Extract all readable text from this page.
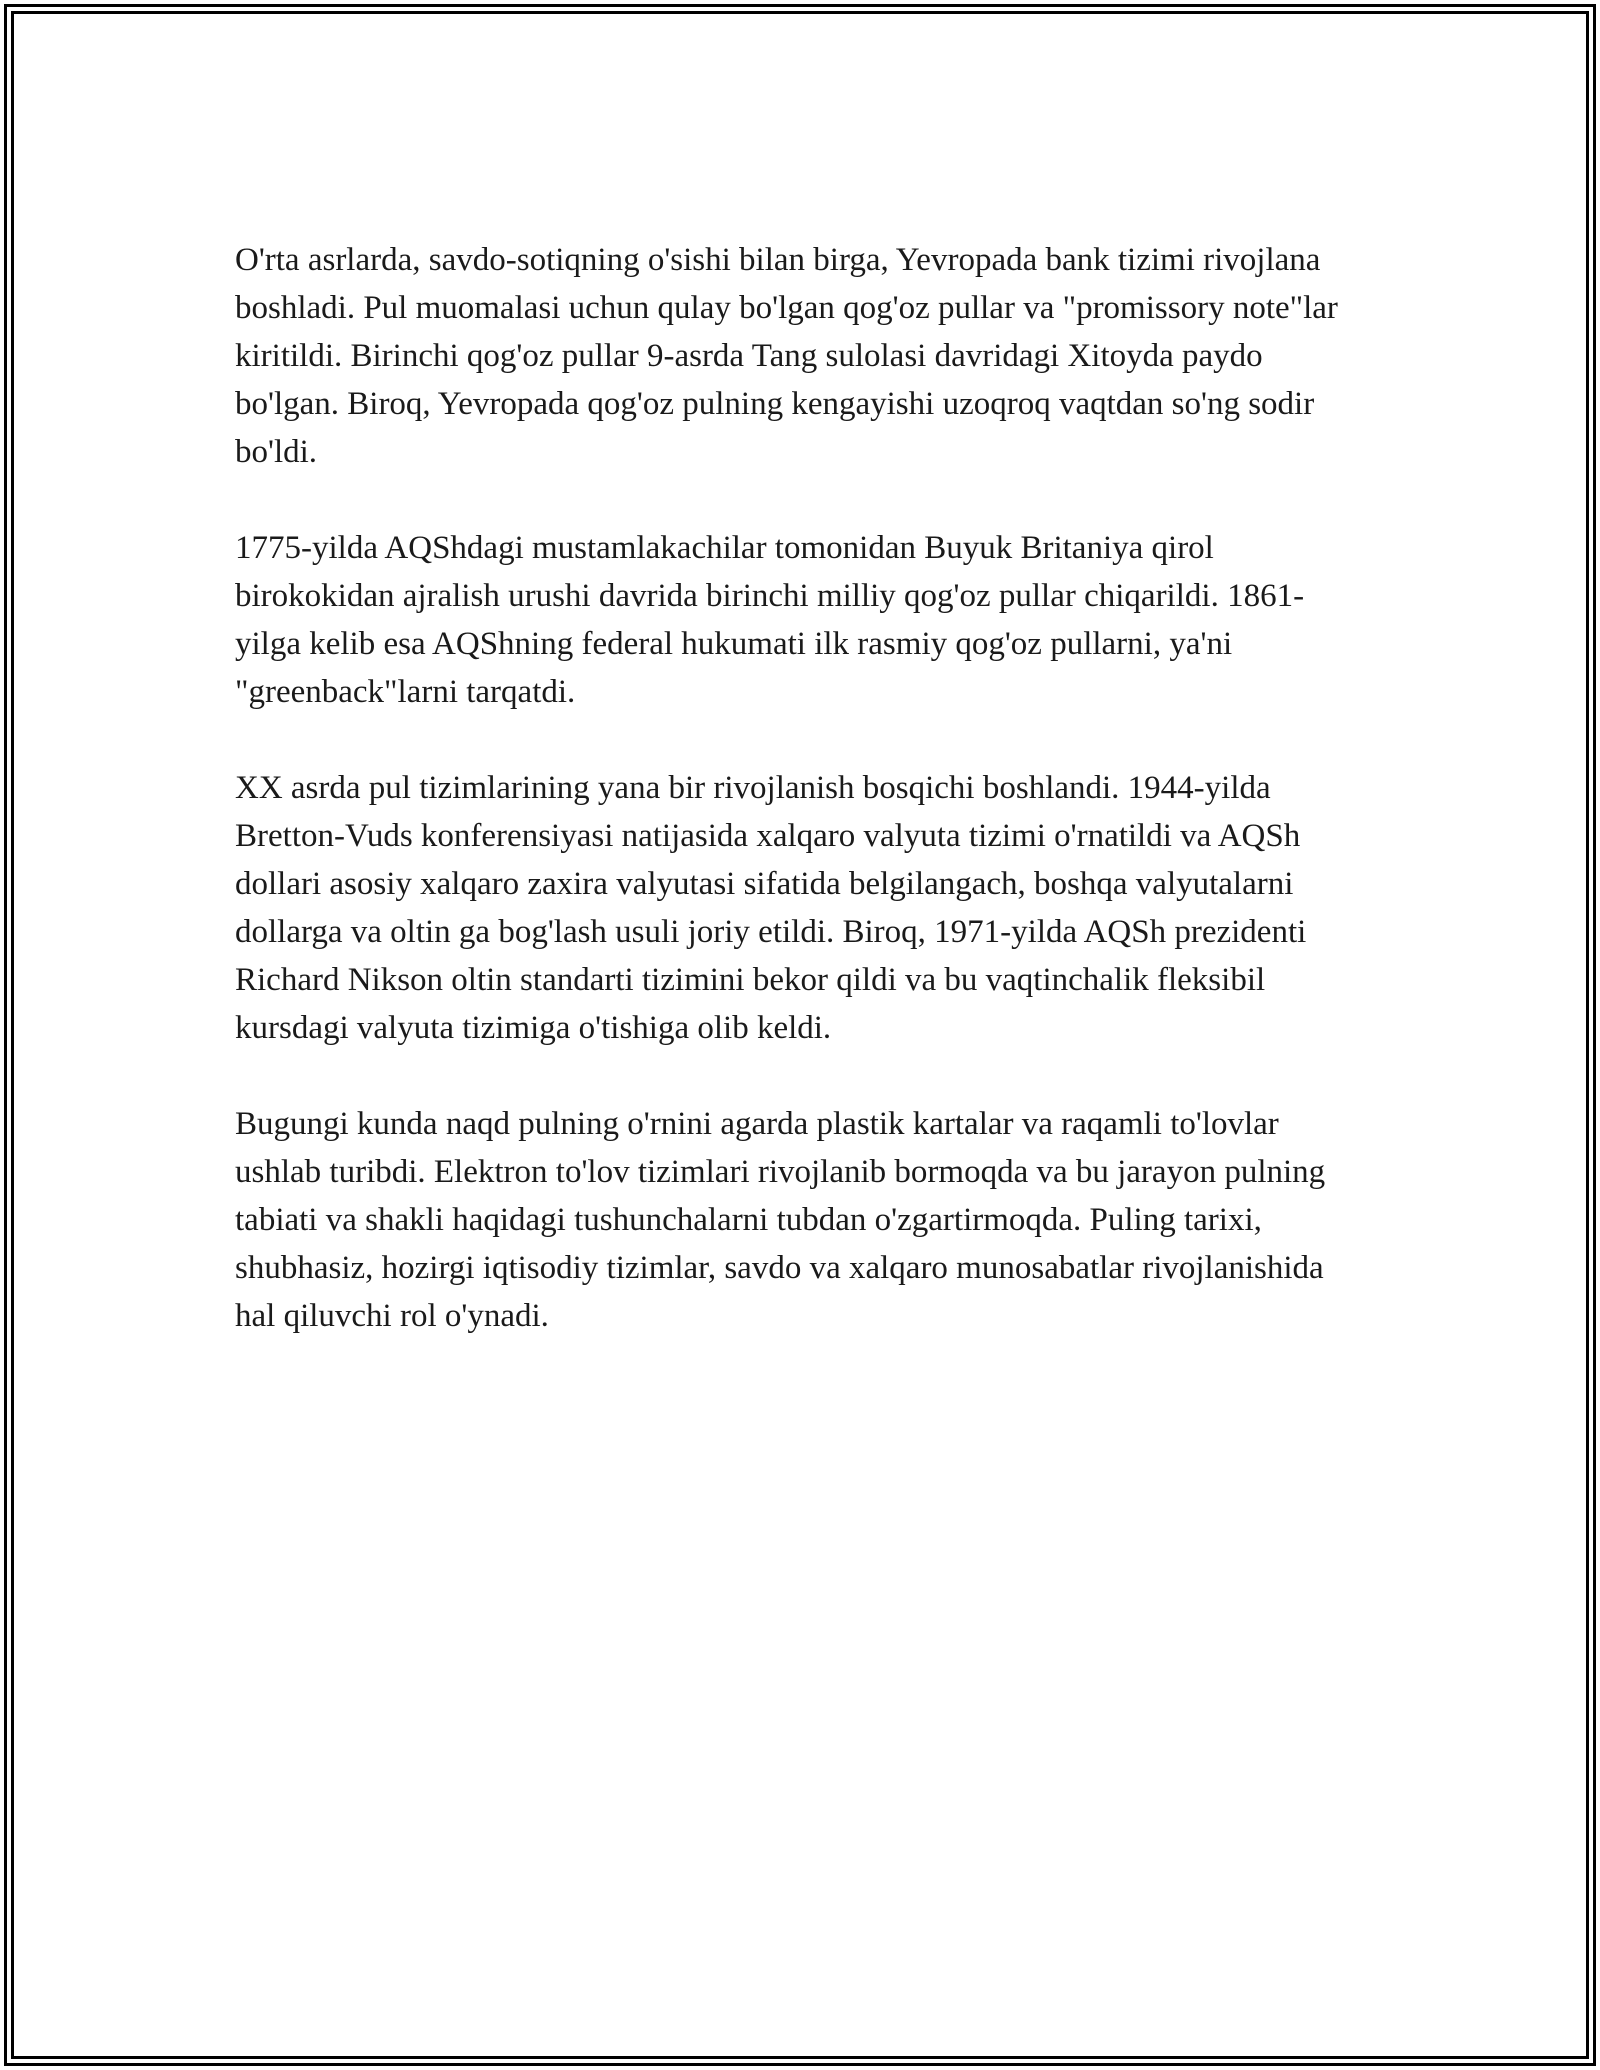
O'rta asrlarda, savdo-sotiqning o'sishi bilan birga, Yevropada bank tizimi rivojlana boshladi. Pul muomalasi uchun qulay bo'lgan qog'oz pullar va "promissory note"lar kiritildi. Birinchi qog'oz pullar 9-asrda Tang sulolasi davridagi Xitoyda paydo bo'lgan. Biroq, Yevropada qog'oz pulning kengayishi uzoqroq vaqtdan so'ng sodir bo'ldi.

1775-yilda AQShdagi mustamlakachilar tomonidan Buyuk Britaniya qirol birokokidan ajralish urushi davrida birinchi milliy qog'oz pullar chiqarildi. 1861-yilga kelib esa AQShning federal hukumati ilk rasmiy qog'oz pullarni, ya'ni "greenback"larni tarqatdi.

XX asrda pul tizimlarining yana bir rivojlanish bosqichi boshlandi. 1944-yilda Bretton-Vuds konferensiyasi natijasida xalqaro valyuta tizimi o'rnatildi va AQSh dollari asosiy xalqaro zaxira valyutasi sifatida belgilangach, boshqa valyutalarni dollarga va oltin ga bog'lash usuli joriy etildi. Biroq, 1971-yilda AQSh prezidenti Richard Nikson oltin standarti tizimini bekor qildi va bu vaqtinchalik fleksibil kursdagi valyuta tizimiga o'tishiga olib keldi.

Bugungi kunda naqd pulning o'rnini agarda plastik kartalar va raqamli to'lovlar ushlab turibdi. Elektron to'lov tizimlari rivojlanib bormoqda va bu jarayon pulning tabiati va shakli haqidagi tushunchalarni tubdan o'zgartirmoqda. Puling tarixi, shubhasiz, hozirgi iqtisodiy tizimlar, savdo va xalqaro munosabatlar rivojlanishida hal qiluvchi rol o'ynadi.
